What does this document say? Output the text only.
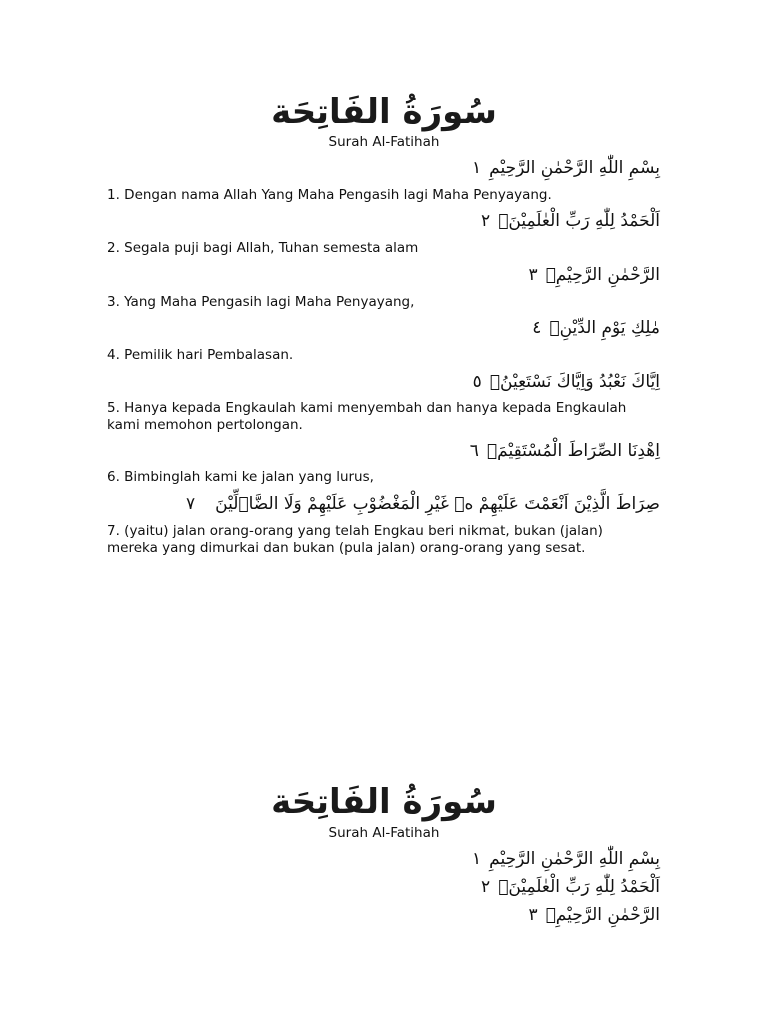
سُورَةُ الفَاتِحَة
Surah Al-Fatihah
بِسْمِ اللّٰهِ الرَّحْمٰنِ الرَّحِيْمِ١
1. Dengan nama Allah Yang Maha Pengasih lagi Maha Penyayang.
اَلْحَمْدُ لِلّٰهِ رَبِّ الْعٰلَمِيْنَۙ٢
2. Segala puji bagi Allah, Tuhan semesta alam
الرَّحْمٰنِ الرَّحِيْمِۙ٣
3. Yang Maha Pengasih lagi Maha Penyayang,
مٰلِكِ يَوْمِ الدِّيْنِۗ٤
4. Pemilik hari Pembalasan.
اِيَّاكَ نَعْبُدُ وَاِيَّاكَ نَسْتَعِيْنُۗ٥
5. Hanya kepada Engkaulah kami menyembah dan hanya kepada Engkaulah kami memohon pertolongan.
اِهْدِنَا الصِّرَاطَ الْمُسْتَقِيْمَۙ٦
6. Bimbinglah kami ke jalan yang lurus,
صِرَاطَ الَّذِيْنَ اَنْعَمْتَ عَلَيْهِمْ ەۙ غَيْرِ الْمَغْضُوْبِ عَلَيْهِمْ وَلَا الضَّاۤلِّيْنَ٧
7. (yaitu) jalan orang-orang yang telah Engkau beri nikmat, bukan (jalan) mereka yang dimurkai dan bukan (pula jalan) orang-orang yang sesat.
سُورَةُ الفَاتِحَة
Surah Al-Fatihah
بِسْمِ اللّٰهِ الرَّحْمٰنِ الرَّحِيْمِ١
اَلْحَمْدُ لِلّٰهِ رَبِّ الْعٰلَمِيْنَۙ٢
الرَّحْمٰنِ الرَّحِيْمِۙ٣
